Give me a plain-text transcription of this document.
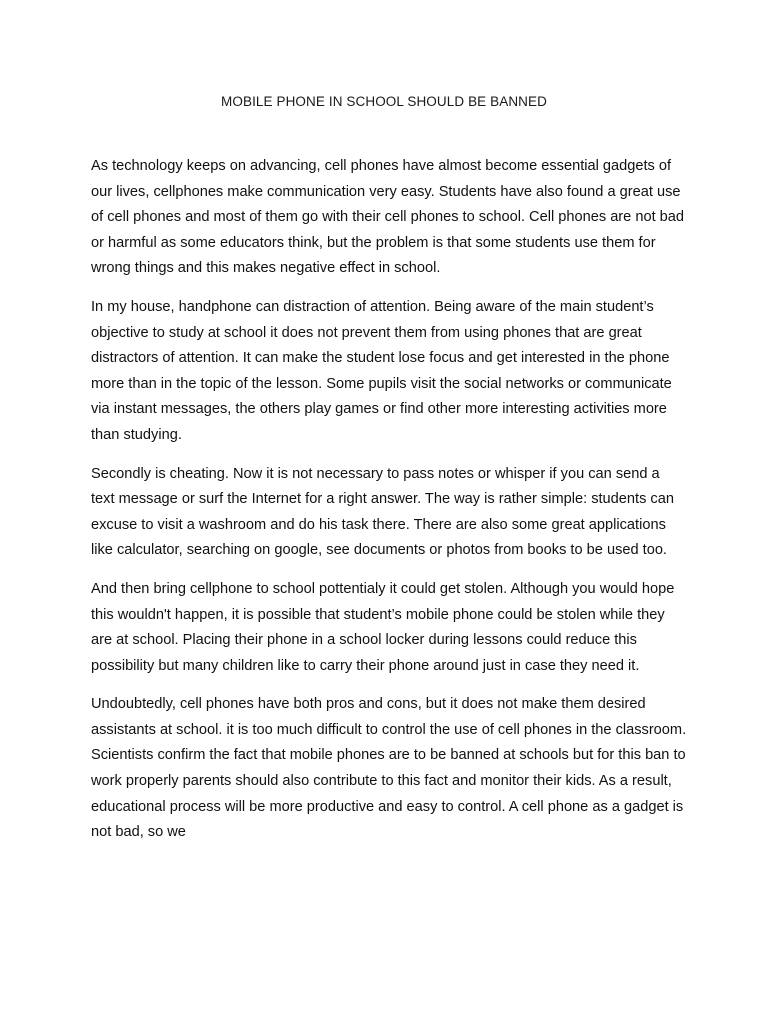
MOBILE PHONE IN SCHOOL SHOULD BE BANNED

As technology keeps on advancing, cell phones have almost become essential gadgets of our lives, cellphones make communication very easy. Students have also found a great use of cell phones and most of them go with their cell phones to school. Cell phones are not bad or harmful as some educators think, but the problem is that some students use them for wrong things and this makes negative effect in school.

In my house, handphone can distraction of attention. Being aware of the main student’s objective to study at school it does not prevent them from using phones that are great distractors of attention. It can make the student lose focus and get interested in the phone more than in the topic of the lesson. Some pupils visit the social networks or communicate via instant messages, the others play games or find other more interesting activities more than studying.

Secondly is cheating. Now it is not necessary to pass notes or whisper if you can send a text message or surf the Internet for a right answer. The way is rather simple: students can excuse to visit a washroom and do his task there. There are also some great applications like calculator, searching on google, see documents or photos from books to be used too.

And then bring cellphone to school pottentialy it could get stolen. Although you would hope this wouldn't happen, it is possible that student’s mobile phone could be stolen while they are at school. Placing their phone in a school locker during lessons could reduce this possibility but many children like to carry their phone around just in case they need it.

Undoubtedly, cell phones have both pros and cons, but it does not make them desired assistants at school. it is too much difficult to control the use of cell phones in the classroom. Scientists confirm the fact that mobile phones are to be banned at schools but for this ban to work properly parents should also contribute to this fact and monitor their kids. As a result, educational process will be more productive and easy to control. A cell phone as a gadget is not bad, so we
